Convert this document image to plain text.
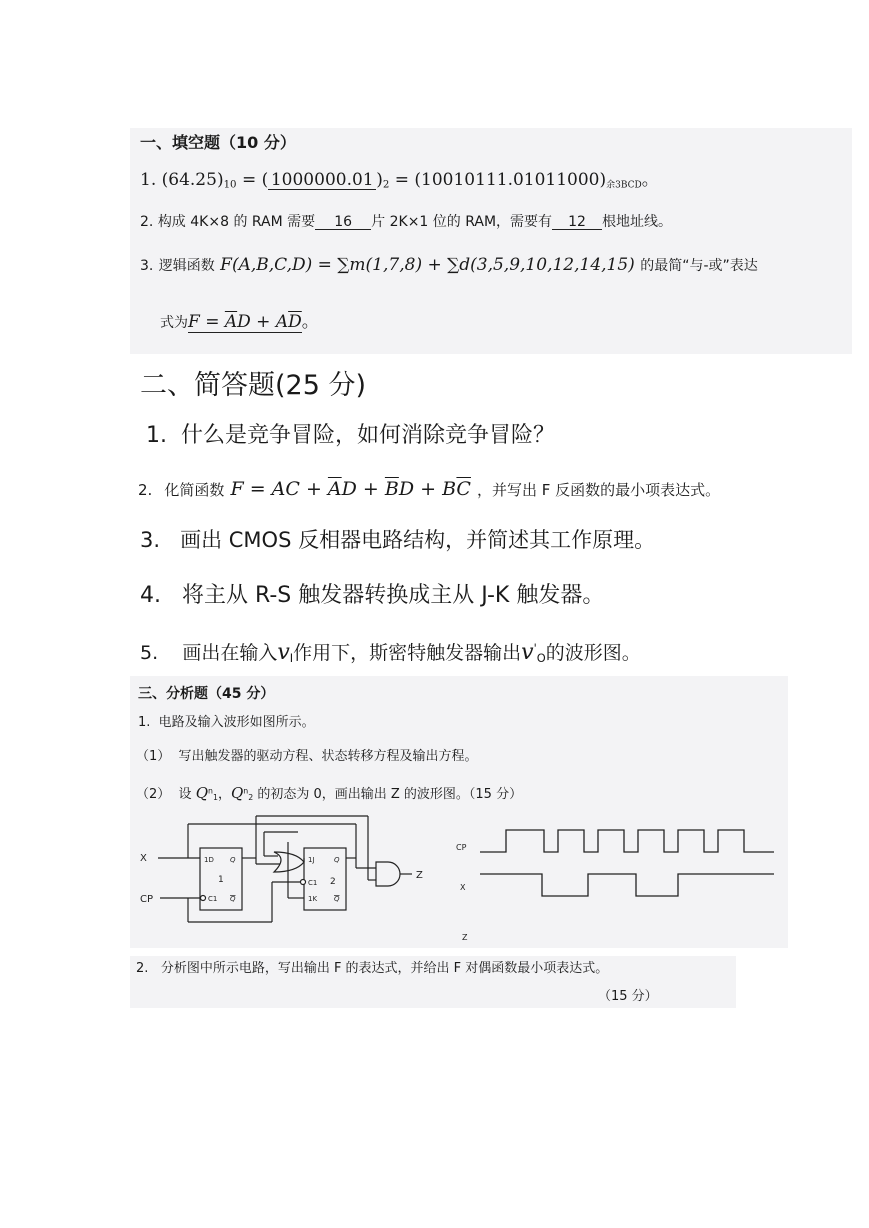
一、填空题（10 分）
1. $(64.25)_{10}$ = ( 1000000.01 )$_2 = (10010111.01011000)_{余3BCD}$。
2. 构成 4K×8 的 RAM 需要 16 片 2K×1 位的 RAM，需要有 12 根地址线。
3. 逻辑函数 F(A,B,C,D) = ∑m(1,7,8) + ∑d(3,5,9,10,12,14,15) 的最简“与-或”表达
式为$F = \overline{A}D + A\overline{D}$。
二、简答题(25 分)
1. 什么是竞争冒险，如何消除竞争冒险？
2. 化简函数 F = AC + $\overline{A}D + \overline{B}D + B\overline{C}$ ，并写出 F 反函数的最小项表达式。
3. 画出 CMOS 反相器电路结构，并简述其工作原理。
4. 将主从 R-S 触发器转换成主从 J-K 触发器。
5. 画出在输入$v_I$作用下，斯密特触发器输出$v'_O$的波形图。
三、分析题（45 分）
1. 电路及输入波形如图所示。
（1） 写出触发器的驱动方程、状态转移方程及输出方程。
（2） 设 $Q^n_1$，$Q^n_2$ 的初态为 0，画出输出 Z 的波形图。（15 分）
X
CP
Z
1D Q
1
C1 Q
1J	Q
C1 2
1K Q
CP
X
Z
2. 分析图中所示电路，写出输出 F 的表达式，并给出 F 对偶函数最小项表达式。
（15 分）
